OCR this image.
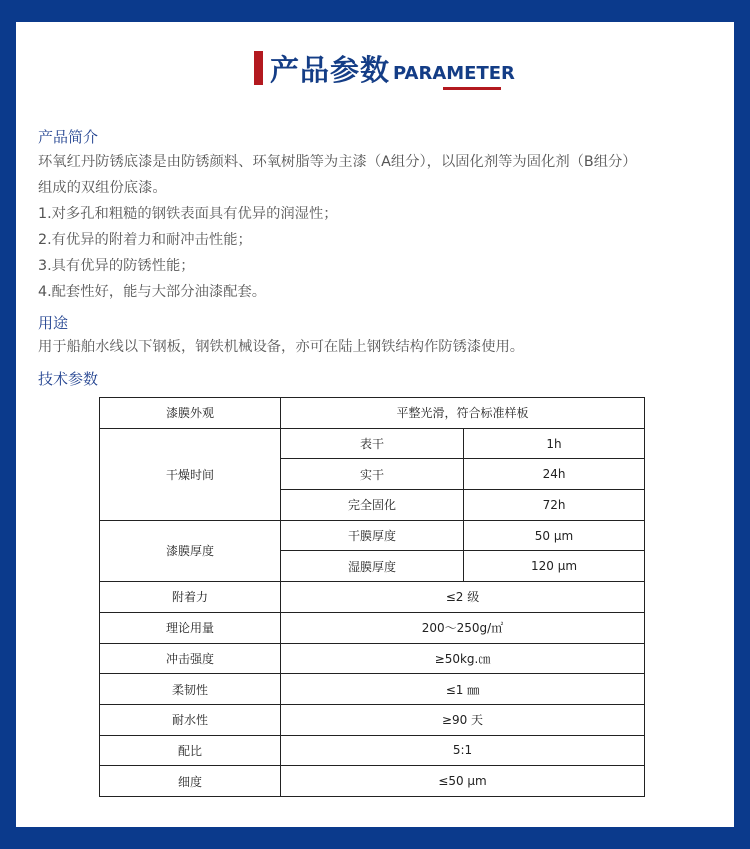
产品参数 PARAMETER
产品简介
环氧红丹防锈底漆是由防锈颜料、环氧树脂等为主漆（A组分），以固化剂等为固化剂（B组分）
组成的双组份底漆。
1.对多孔和粗糙的钢铁表面具有优异的润湿性；
2.有优异的附着力和耐冲击性能；
3.具有优异的防锈性能；
4.配套性好，能与大部分油漆配套。
用途
用于船舶水线以下钢板，钢铁机械设备，亦可在陆上钢铁结构作防锈漆使用。
技术参数
漆膜外观	平整光滑，符合标准样板	
干燥时间	表干	1h
	实干	24h
	完全固化	72h
漆膜厚度	干膜厚度	50 μm
	湿膜厚度	120 μm
附着力	≤2 级	
理论用量	200～250g/㎡	
冲击强度	≥50kg.㎝	
柔韧性	≤1 ㎜	
耐水性	≥90 天	
配比	5:1	
细度	≤50 μm	
